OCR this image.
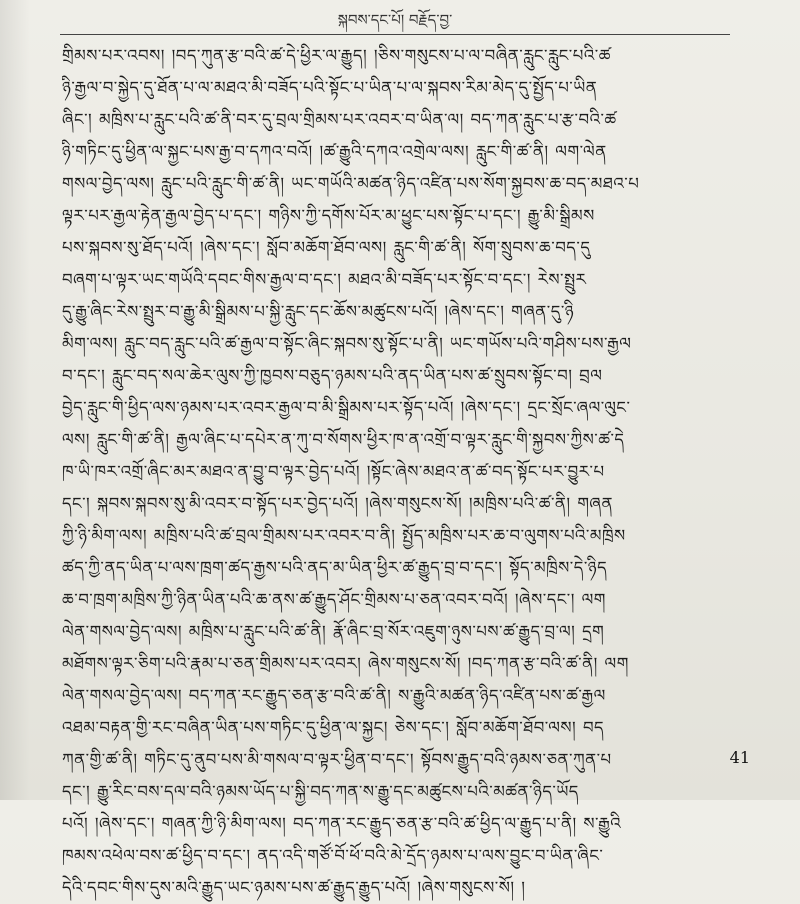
སྐབས་དང་པོ། བརྗོད་བྱ་
གྲིམས་པར་འབས། །བད་ཀུན་རྩ་བའི་ཚ་དེ་ཕྱིར་ལ་རྒྱུད། །ཅིས་གསུངས་པ་ལ་བཞིན་རླུང་རླུང་པའི་ཚ
ཉི་རྒྱལ་བ་སྐྱེད་དུ་ཐོན་པ་ལ་མཐའ་མི་བཟོད་པའི་སྟོང་པ་ཡིན་པ་ལ་སྐབས་རིམ་མེད་དུ་སྤྱོད་པ་ཡིན
ཞིང་། མཁྲིས་པ་རླུང་པའི་ཚ་ནི་བར་དུ་བྲལ་གྲིམས་པར་འབར་བ་ཡིན་ལ། བད་ཀན་རླུང་པ་རྩ་བའི་ཚ
ཉི་གཏིང་དུ་ཕྱིན་ལ་སྐྱང་པས་རྒྱ་བ་དཀའ་བའོ། །ཚ་རྒྱུའི་དཀའ་འགྲེལ་ལས། རླུང་གི་ཚ་ནི། ལག་ལེན
གསལ་བྱེད་ལས། རླུང་པའི་རླུང་གི་ཚ་ནི། ཡང་གཡོའི་མཚན་ཉིད་འཛིན་པས་སོག་སྐྱབས་ཆ་བད་མཐའ་པ
ལྟར་པར་རྒྱལ་རྟེན་རྒྱལ་བྱེད་པ་དང་། གཉིས་ཀྱི་དགོས་པོར་མ་ཕྱུང་པས་སྟོང་པ་དང་། རྒྱུ་མི་སྒྲིམས
པས་སྐབས་སུ་ཐོད་པའོ། །ཞེས་དང་། སློབ་མཆོག་ཐོབ་ལས། རླུང་གི་ཚ་ནི། སོག་སྲུབས་ཆ་བད་དུ
བཞག་པ་ལྟར་ཡང་གཡོའི་དབང་གིས་རྒྱལ་བ་དང་། མཐའ་མི་བཟོད་པར་སྟོང་བ་དང་། རེས་སྤྲུར
དུ་རྒྱུ་ཞིང་རེས་སྤྲུར་བ་རྒྱུ་མི་སྒྲིམས་པ་སྐྱི་རླུང་དང་ཆོས་མཚུངས་པའོ། །ཞེས་དང་། གཞན་དུ་ཉི
མིག་ལས། རླུང་བད་རླུང་པའི་ཚ་རྒྱལ་བ་སྟོང་ཞིང་སྐབས་སུ་སྟོང་པ་ནི། ཡང་གཡོས་པའི་གཤིས་པས་རྒྱལ
བ་དང་། རླུང་བད་སལ་ཆེར་ལུས་ཀྱི་ཁྱབས་བཅུད་ཉམས་པའི་ནད་ཡིན་པས་ཚ་སྲུབས་སྟོང་བ། བྲལ
བྱེད་རླུང་གི་ཕྱིད་ལས་ཉམས་པར་འབར་རྒྱལ་བ་མི་སྒྲིམས་པར་སྟོད་པའོ། །ཞེས་དང་། དྲང་སྲོང་ཞལ་ལུང་
ལས། རླུང་གི་ཚ་ནི། རྒྱལ་ཞིང་པ་དཔེར་ན་ཀུ་བ་སོགས་ཕྱིར་ཁ་ན་འགྲོ་བ་ལྟར་རླུང་གི་སྐྱབས་ཀྱིས་ཚ་དེ
ཁ་ཡི་ཁར་འགྲོ་ཞིང་མར་མཐའ་ན་བྱུ་བ་ལྟར་བྱེད་པའོ། །སྟོང་ཞེས་མཐའ་ན་ཚ་བད་སྟོང་པར་བྱུར་པ
དང་། སྐབས་སྐབས་སུ་མི་འབར་བ་སྟོད་པར་བྱེད་པའོ། །ཞེས་གསུངས་སོ། །མཁྲིས་པའི་ཚ་ནི། གཞན
ཀྱི་ཉི་མིག་ལས། མཁྲིས་པའི་ཚ་བྲལ་གྲིམས་པར་འབར་བ་ནི། སྤྱོད་མཁྲིས་པར་ཆ་བ་ལུགས་པའི་མཁྲིས
ཚད་ཀྱི་ནད་ཡིན་པ་ལས་ཁྲག་ཚད་རྒྱས་པའི་ནད་མ་ཡིན་ཕྱིར་ཚ་རྒྱུད་བྲ་བ་དང་། སྟོད་མཁྲིས་དེ་ཉིད
ཆ་བ་ཁྲག་མཁྲིས་ཀྱི་ཉིན་ཡིན་པའི་ཆ་ནས་ཚ་རྒྱུད་ཤོང་གྲིམས་པ་ཅན་འབར་བའོ། །ཞེས་དང་། ལག
ལེན་གསལ་བྱེད་ལས། མཁྲིས་པ་རླུང་པའི་ཚ་ནི། རྣོ་ཞིང་བྲ་སོར་འཇུག་ཉུས་པས་ཚ་རྒྱུད་བྲ་ལ། དྲག
མཐོགས་ལྟར་ཅིག་པའི་རྣམ་པ་ཅན་གྲིམས་པར་འབར། ཞེས་གསུངས་སོ། །བད་ཀན་རྩ་བའི་ཚ་ནི། ལག
ལེན་གསལ་བྱེད་ལས། བད་ཀན་རང་རྒྱུད་ཅན་རྩ་བའི་ཚ་ནི། ས་རྒྱུའི་མཚན་ཉིད་འཛིན་པས་ཚ་རྒྱལ
འཐམ་བརྟན་གྱི་རང་བཞིན་ཡིན་པས་གཏིང་དུ་ཕྱིན་ལ་སྐྱང། ཅེས་དང་། སློབ་མཆོག་ཐོབ་ལས། བད
ཀན་གྱི་ཚ་ནི། གཏིང་དུ་ནུབ་པས་མི་གསལ་བ་ལྟར་ཕྱིན་བ་དང་། སྟོབས་རྒྱུད་བའི་ཉམས་ཅན་ཀུན་པ
དང་། རྒྱུ་རིང་བས་དལ་བའི་ཉམས་ཡོད་པ་སྐྱི་བད་ཀན་ས་རྒྱུ་དང་མཚུངས་པའི་མཚན་ཉིད་ཡོད
པའོ། །ཞེས་དང་། གཞན་ཀྱི་ཉི་མིག་ལས། བད་ཀན་རང་རྒྱུད་ཅན་རྩ་བའི་ཚ་ཕྱིད་ལ་རྒྱུད་པ་ནི། ས་རྒྱུའི
ཁམས་འཕེལ་བས་ཚ་ཕྱིད་བ་དང་། ནད་འདི་གཙོ་བོ་ཕོ་བའི་མེ་དྲོད་ཉམས་པ་ལས་བྱུང་བ་ཡིན་ཞིང་
དེའི་དབང་གིས་དུས་མའི་རྒྱུད་ཡང་ཉམས་པས་ཚ་རྒྱུད་རྒྱུད་པའོ། །ཞེས་གསུངས་སོ། །
41
